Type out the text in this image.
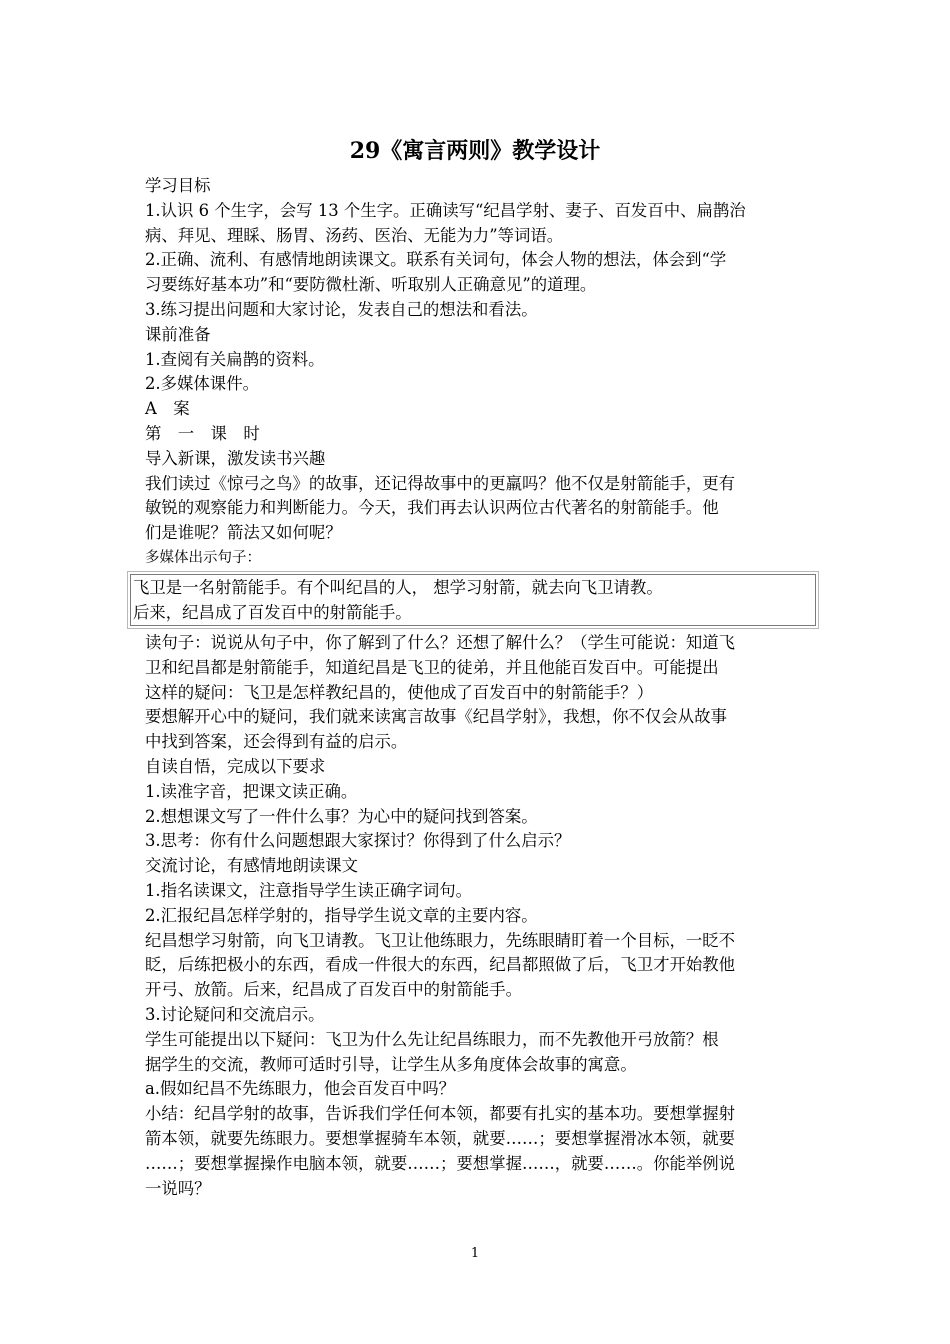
29《寓言两则》教学设计

学习目标

1.认识 6 个生字，会写 13 个生字。正确读写“纪昌学射、妻子、百发百中、扁鹊治

病、拜见、理睬、肠胃、汤药、医治、无能为力”等词语。

2.正确、流利、有感情地朗读课文。联系有关词句，体会人物的想法，体会到“学

习要练好基本功”和“要防微杜渐、听取别人正确意见”的道理。

3.练习提出问题和大家讨论，发表自己的想法和看法。

课前准备

1.查阅有关扁鹊的资料。

2.多媒体课件。

A　案

第　一　课　时

导入新课，激发读书兴趣

我们读过《惊弓之鸟》的故事，还记得故事中的更羸吗？他不仅是射箭能手，更有

敏锐的观察能力和判断能力。今天，我们再去认识两位古代著名的射箭能手。他

们是谁呢？箭法又如何呢？

多媒体出示句子：

飞卫是一名射箭能手。有个叫纪昌的人， 想学习射箭，就去向飞卫请教。

后来，纪昌成了百发百中的射箭能手。

读句子：说说从句子中，你了解到了什么？还想了解什么？（学生可能说：知道飞

卫和纪昌都是射箭能手，知道纪昌是飞卫的徒弟，并且他能百发百中。可能提出

这样的疑问：飞卫是怎样教纪昌的，使他成了百发百中的射箭能手？）

要想解开心中的疑问，我们就来读寓言故事《纪昌学射》，我想，你不仅会从故事

中找到答案，还会得到有益的启示。

自读自悟，完成以下要求

1.读准字音，把课文读正确。

2.想想课文写了一件什么事？为心中的疑问找到答案。

3.思考：你有什么问题想跟大家探讨？你得到了什么启示？

交流讨论，有感情地朗读课文

1.指名读课文，注意指导学生读正确字词句。

2.汇报纪昌怎样学射的，指导学生说文章的主要内容。

纪昌想学习射箭，向飞卫请教。飞卫让他练眼力，先练眼睛盯着一个目标，一眨不

眨，后练把极小的东西，看成一件很大的东西，纪昌都照做了后，飞卫才开始教他

开弓、放箭。后来，纪昌成了百发百中的射箭能手。

3.讨论疑问和交流启示。

学生可能提出以下疑问：飞卫为什么先让纪昌练眼力，而不先教他开弓放箭？根

据学生的交流，教师可适时引导，让学生从多角度体会故事的寓意。

a.假如纪昌不先练眼力，他会百发百中吗？

小结：纪昌学射的故事，告诉我们学任何本领，都要有扎实的基本功。要想掌握射

箭本领，就要先练眼力。要想掌握骑车本领，就要……；要想掌握滑冰本领，就要

……；要想掌握操作电脑本领，就要……；要想掌握……，就要……。你能举例说

一说吗？

1
